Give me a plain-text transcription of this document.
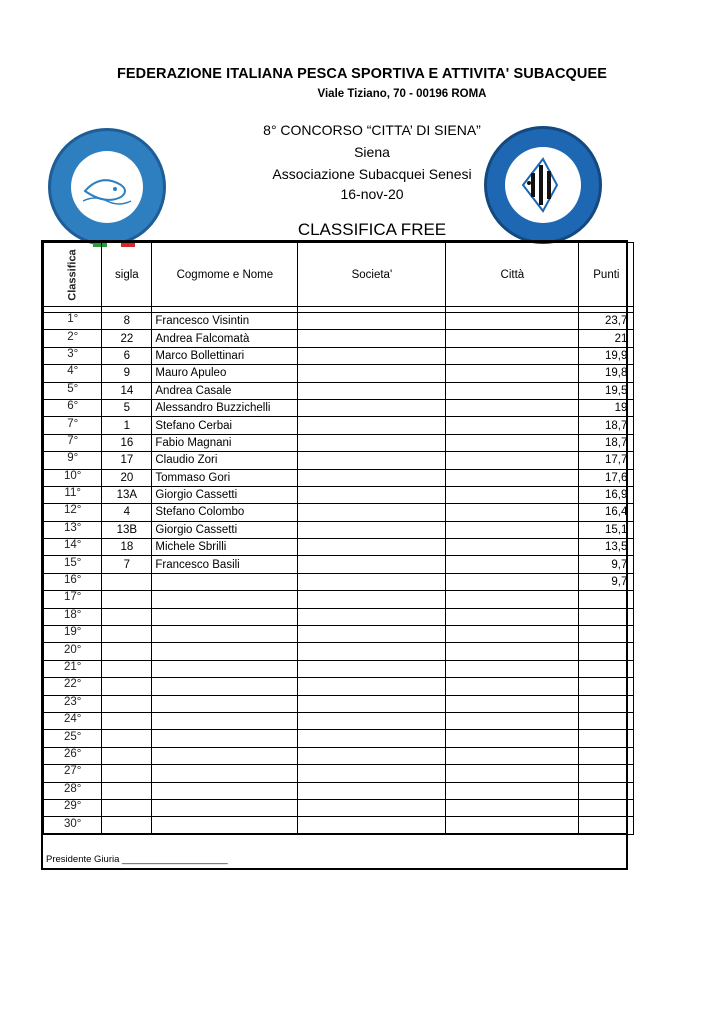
FEDERAZIONE ITALIANA PESCA SPORTIVA E ATTIVITA' SUBACQUEE
Viale Tiziano, 70 - 00196 ROMA
8° CONCORSO “CITTA’ DI SIENA”
Siena
Associazione Subacquei Senesi
16-nov-20
CLASSIFICA FREE
Classifica	sigla	Cogmome e Nome	Societa'	Città	Punti

1°	8	Francesco Visintin			23,7
2°	22	Andrea Falcomatà			21
3°	6	Marco Bollettinari			19,9
4°	9	Mauro Apuleo			19,8
5°	14	Andrea Casale			19,5
6°	5	Alessandro Buzzichelli			19
7°	1	Stefano Cerbai			18,7
7°	16	Fabio Magnani			18,7
9°	17	Claudio Zori			17,7
10°	20	Tommaso Gori			17,6
11°	13A	Giorgio Cassetti			16,9
12°	4	Stefano Colombo			16,4
13°	13B	Giorgio Cassetti			15,1
14°	18	Michele Sbrilli			13,5
15°	7	Francesco Basili			9,7
16°					9,7
17°					
18°					
19°					
20°					
21°					
22°					
23°					
24°					
25°					
26°					
27°					
28°					
29°					
30°					
Presidente Giuria ____________________
